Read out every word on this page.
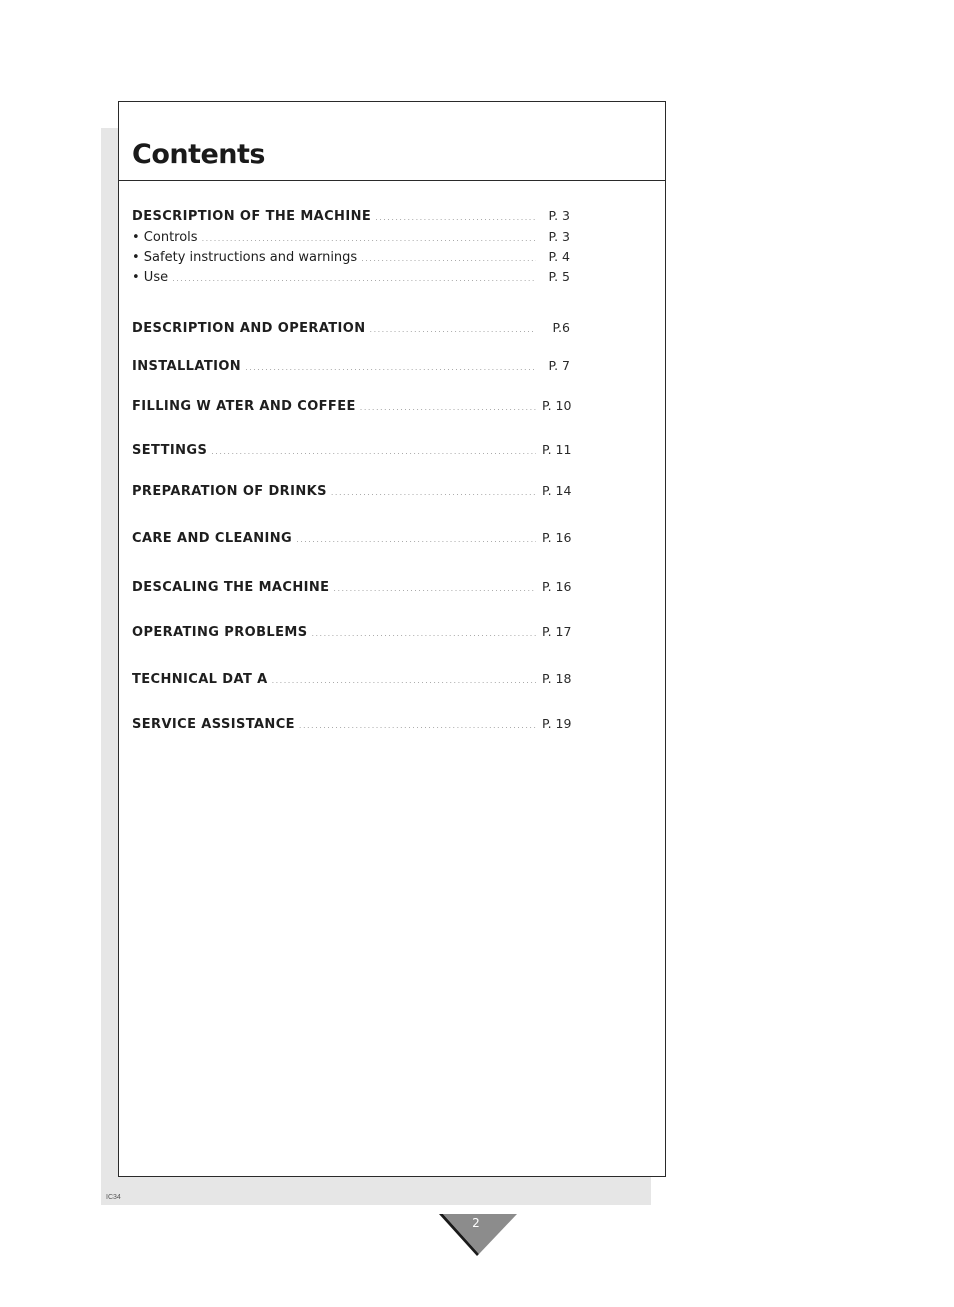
Contents
DESCRIPTION OF THE MACHINE .....	P. 3
• Controls .....	P. 3
• Safety instructions and warnings .....	P. 4
• Use .....	P. 5
DESCRIPTION AND OPERATION .....	P.6
INSTALLATION .....	P. 7
FILLING W ATER AND COFFEE .....	P. 10
SETTINGS .....	P. 11
PREPARATION OF DRINKS .....	P. 14
CARE AND CLEANING .....	P. 16
DESCALING THE MACHINE .....	P. 16
OPERATING PROBLEMS .....	P. 17
TECHNICAL DAT A .....	P. 18
SERVICE ASSISTANCE .....	P. 19
IC34
2
